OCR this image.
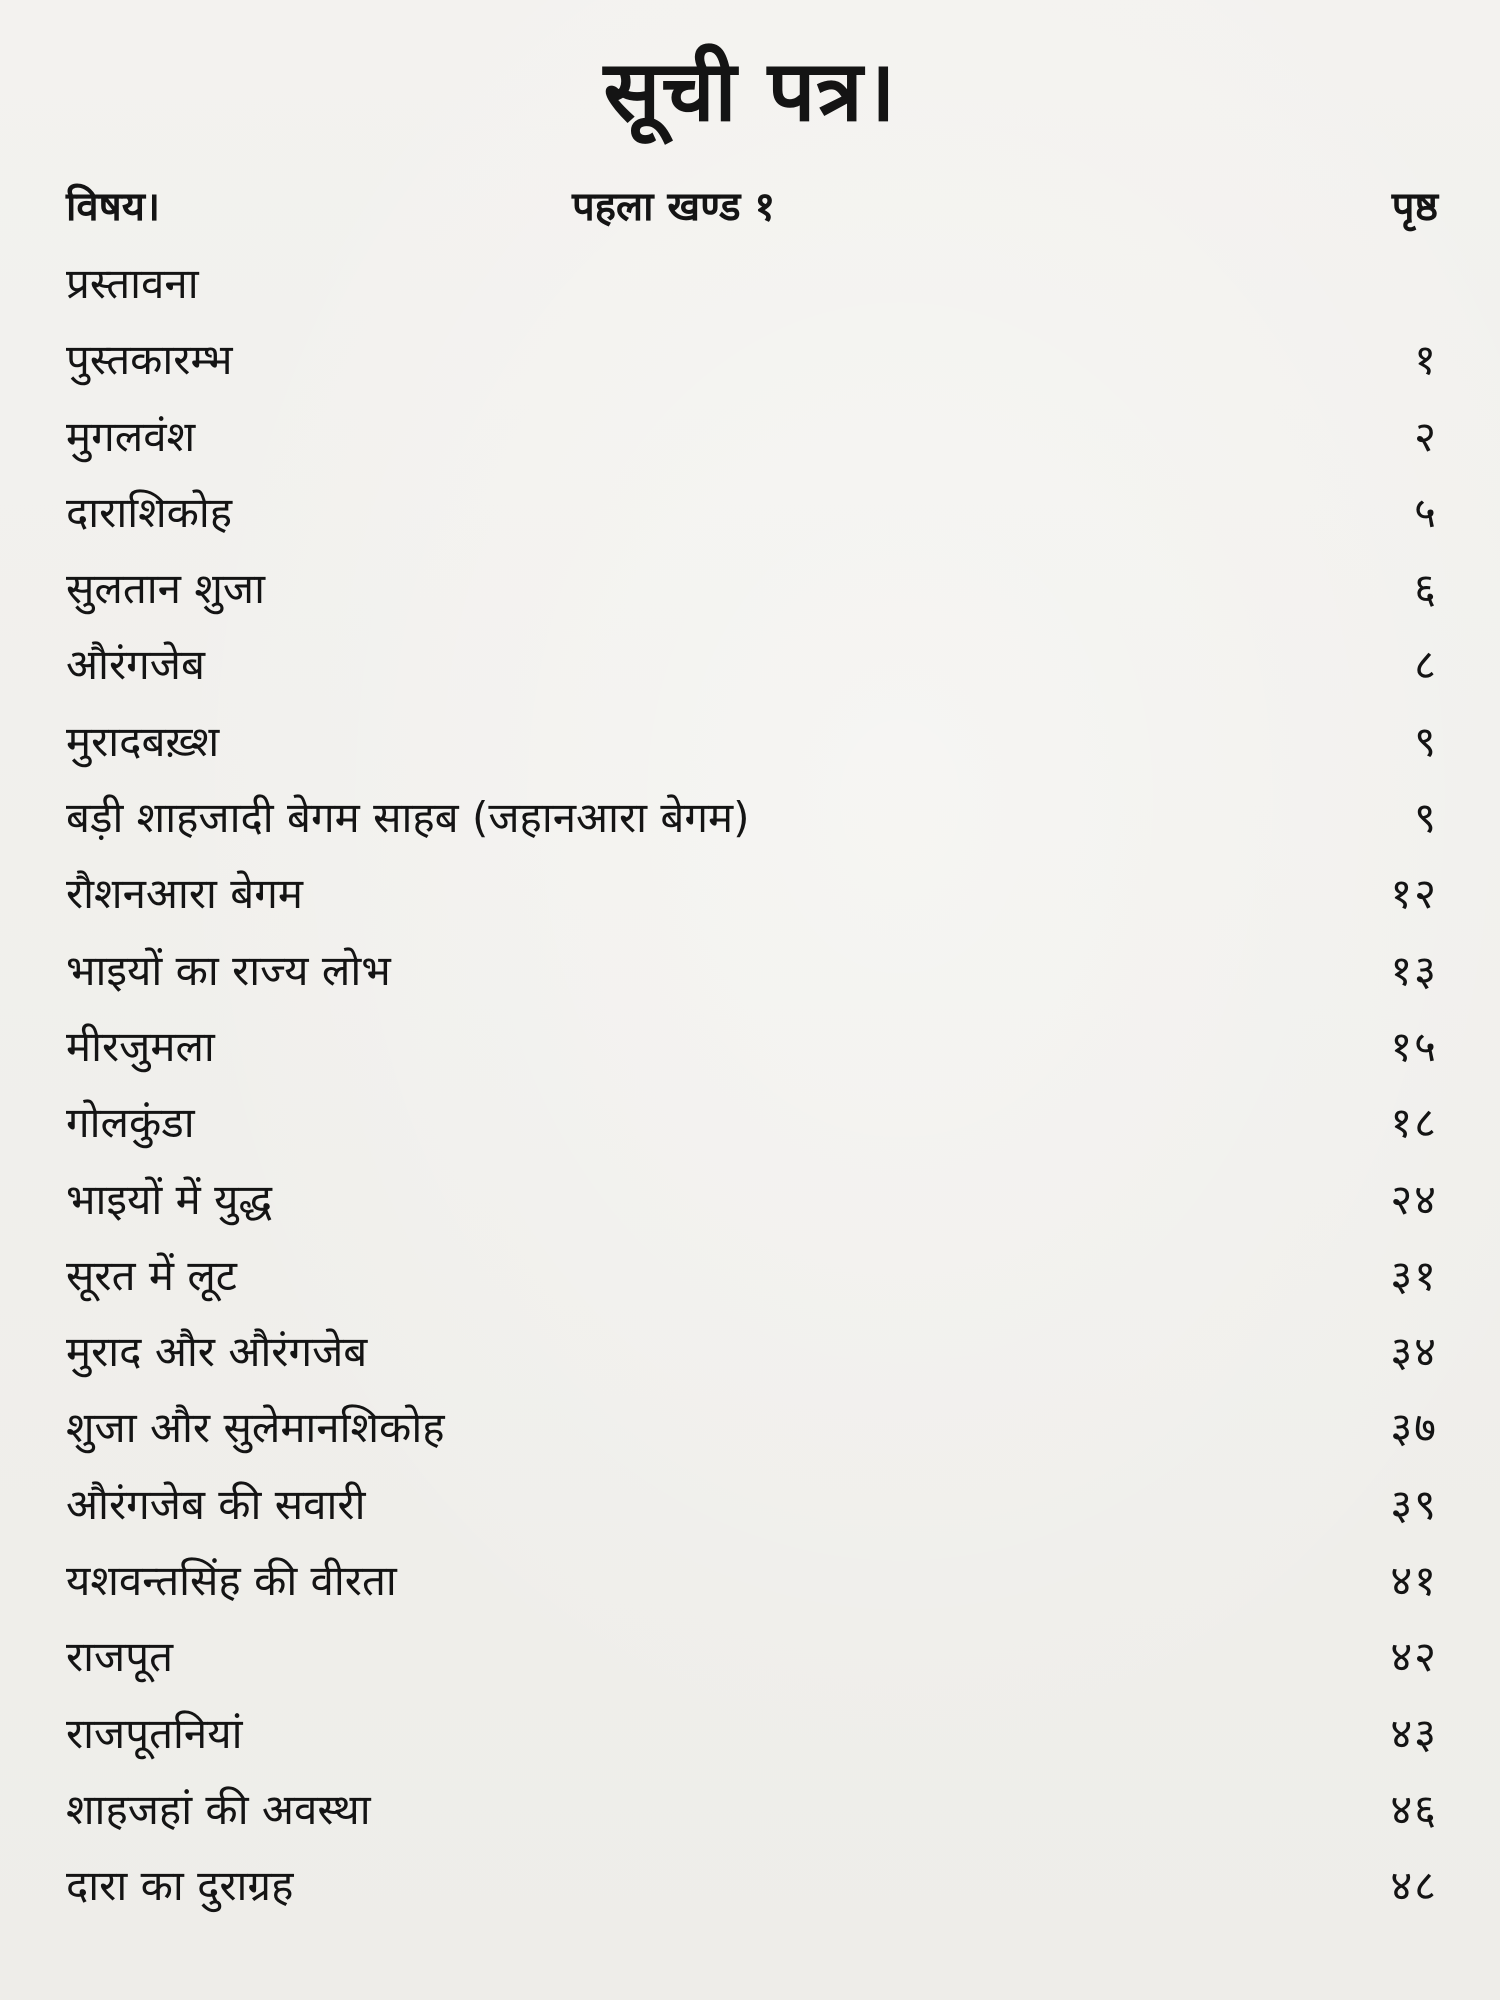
सूची पत्र।
विषय।	पहला खण्ड १	पृष्ठ
प्रस्तावना
पुस्तकारम्भ	१
मुगलवंश	२
दाराशिकोह	५
सुलतान शुजा	६
औरंगजेब	८
मुरादबख़्श	९
बड़ी शाहजादी बेगम साहब (जहानआरा बेगम)	९
रौशनआरा बेगम	१२
भाइयों का राज्य लोभ	१३
मीरजुमला	१५
गोलकुंडा	१८
भाइयों में युद्ध	२४
सूरत में लूट	३१
मुराद और औरंगजेब	३४
शुजा और सुलेमानशिकोह	३७
औरंगजेब की सवारी	३९
यशवन्तसिंह की वीरता	४१
राजपूत	४२
राजपूतनियां	४३
शाहजहां की अवस्था	४६
दारा का दुराग्रह	४८
